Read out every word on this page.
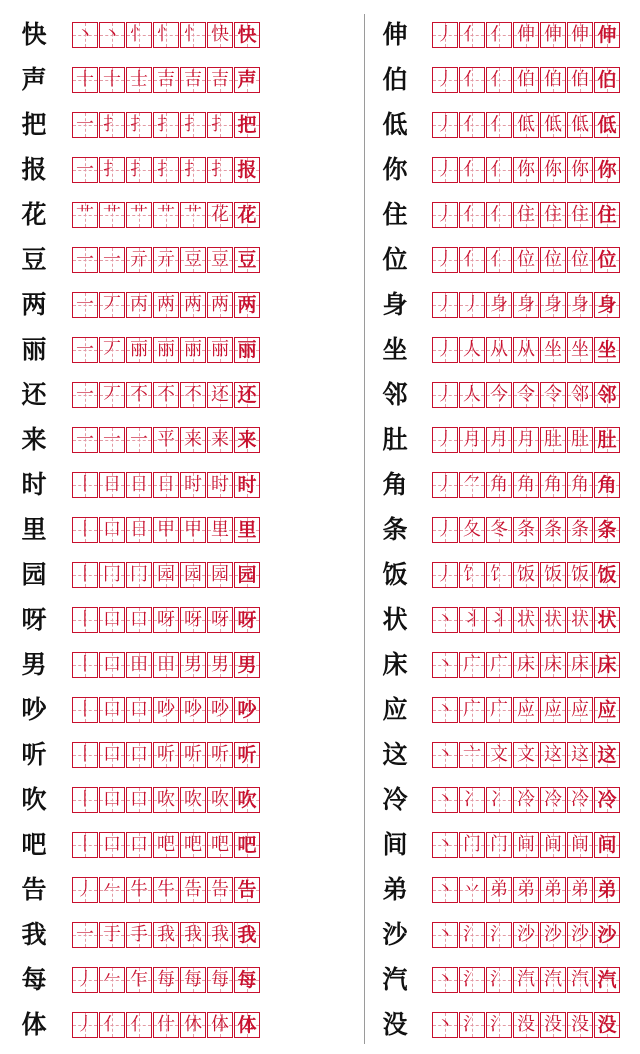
快	丶 丶 忄 忄 忄 快 快
声	十 十 士 吉 吉 吉 声
把	一 扌 扌 扌 扌 扌 把
报	一 扌 扌 扌 扌 扌 报
花	艹 艹 艹 艹 艹 花 花
豆	一 一 亓 亓 豆 豆 豆
两	一 丆 丙 两 两 两 两
丽	一 丆 丽 丽 丽 丽 丽
还	一 丆 不 不 不 还 还
来	一 一 一 平 来 来 来
时	丨 日 日 日 时 时 时
里	丨 口 日 甲 甲 里 里
园	丨 冂 冂 园 园 园 园
呀	丨 口 口 呀 呀 呀 呀
男	丨 口 田 田 男 男 男
吵	丨 口 口 吵 吵 吵 吵
听	丨 口 口 听 听 听 听
吹	丨 口 口 吹 吹 吹 吹
吧	丨 口 口 吧 吧 吧 吧
告	丿 𠂉 牛 牛 告 告 告
我	一 于 手 我 我 我 我
每	丿 𠂉 乍 每 每 每 每
体	丿 亻 亻 什 休 体 体
伸	丿 亻 亻 伸 伸 伸 伸
伯	丿 亻 亻 伯 伯 伯 伯
低	丿 亻 亻 低 低 低 低
你	丿 亻 亻 你 你 你 你
住	丿 亻 亻 住 住 住 住
位	丿 亻 亻 位 位 位 位
身	丿 丿 身 身 身 身 身
坐	丿 人 从 从 坐 坐 坐
邻	丿 人 今 令 令 邻 邻
肚	丿 月 月 月 肚 肚 肚
角	丿 ⺈ 角 角 角 角 角
条	丿 夂 冬 条 条 条 条
饭	丿 饣 饣 饭 饭 饭 饭
状	丶 丬 丬 状 状 状 状
床	丶 广 广 床 床 床 床
应	丶 广 广 应 应 应 应
这	丶 亠 文 文 这 这 这
冷	丶 冫 冫 冷 冷 冷 冷
间	丶 门 门 间 间 间 间
弟	丶 丷 弟 弟 弟 弟 弟
沙	丶 氵 氵 沙 沙 沙 沙
汽	丶 氵 氵 汽 汽 汽 汽
没	丶 氵 氵 没 没 没 没
